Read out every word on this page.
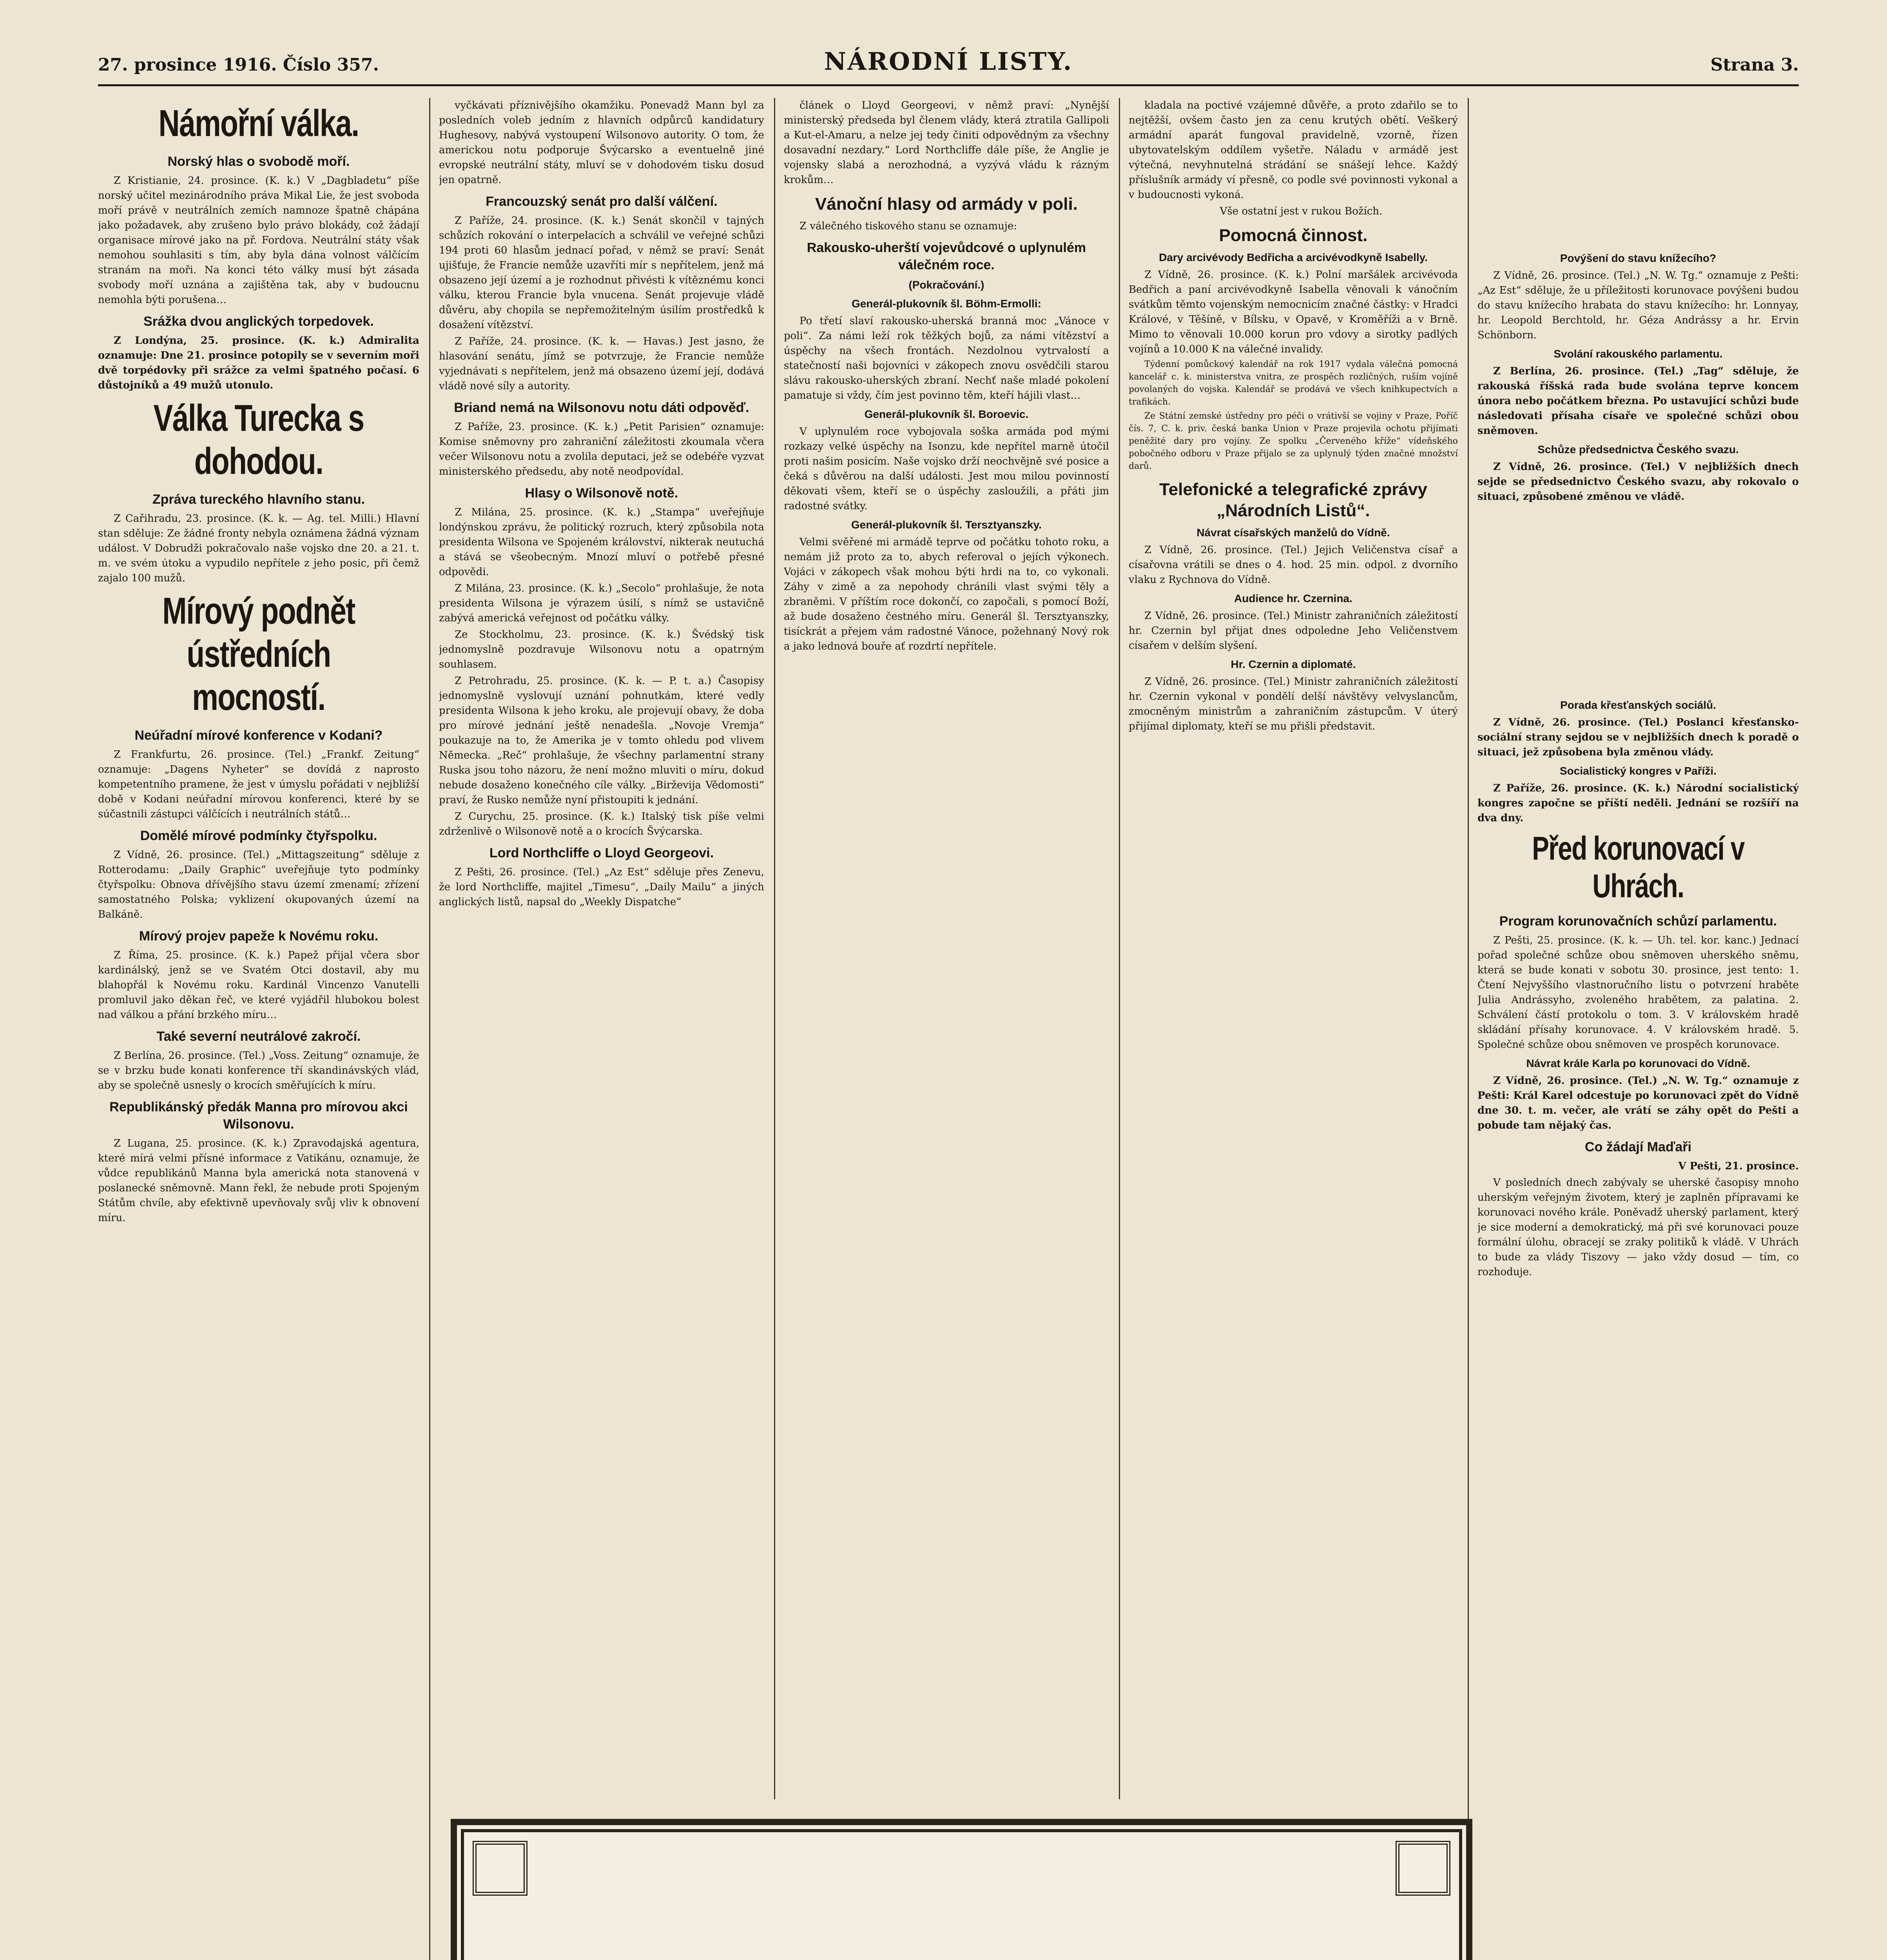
27. prosince 1916. Číslo 357.	NÁRODNÍ LISTY.	Strana 3.
Námořní válka.
Norský hlas o svobodě moří.

Z Kristianie, 24. prosince. (K. k.) V „Dagbladetu“ píše norský učitel mezinárodního práva Mikal Lie, že jest svoboda moří právě v neutrálních zemích namnoze špatně chápána jako požadavek, aby zrušeno bylo právo blokády, což žádají organisace mírové jako na př. Fordova. Neutrální státy však nemohou souhlasiti s tím, aby byla dána volnost válčícím stranám na moři. Na konci této války musí být zásada svobody moří uznána a zajištěna tak, aby v budoucnu nemohla býti porušena…

Srážka dvou anglických torpedovek.

Z Londýna, 25. prosince. (K. k.) Admiralita oznamuje: Dne 21. prosince potopily se v severním moři dvě torpédovky při srážce za velmi špatného počasí. 6 důstojníků a 49 mužů utonulo.

Válka Turecka s dohodou.
Zpráva tureckého hlavního stanu.

Z Cařihradu, 23. prosince. (K. k. — Ag. tel. Milli.) Hlavní stan sděluje: Ze žádné fronty nebyla oznámena žádná význam událost. V Dobrudži pokračovalo naše vojsko dne 20. a 21. t. m. ve svém útoku a vypudilo nepřítele z jeho posic, při čemž zajalo 100 mužů.

Mírový podnět ústředních mocností.
Neúřadní mírové konference v Kodani?

Z Frankfurtu, 26. prosince. (Tel.) „Frankf. Zeitung“ oznamuje: „Dagens Nyheter“ se dovídá z naprosto kompetentního pramene, že jest v úmyslu pořádati v nejbližší době v Kodani neúřadní mírovou konferenci, které by se súčastnili zástupci válčících i neutrálních států…

Domělé mírové podmínky čtyřspolku.

Z Vídně, 26. prosince. (Tel.) „Mittagszeitung“ sděluje z Rotterodamu: „Daily Graphic“ uveřejňuje tyto podmínky čtyřspolku: Obnova dřívějšího stavu území zmenamí; zřízení samostatného Polska; vyklizení okupovaných území na Balkáně.

Mírový projev papeže k Novému roku.

Z Říma, 25. prosince. (K. k.) Papež přijal včera sbor kardinálský, jenž se ve Svatém Otci dostavil, aby mu blahopřál k Novému roku. Kardinál Vincenzo Vanutelli promluvil jako děkan řeč, ve které vyjádřil hlubokou bolest nad válkou a přání brzkého míru…

Také severní neutrálové zakročí.

Z Berlína, 26. prosince. (Tel.) „Voss. Zeitung“ oznamuje, že se v brzku bude konati konference tří skandinávských vlád, aby se společně usnesly o krocích směřujících k míru.

Republikánský předák Manna pro mírovou akci Wilsonovu.

Z Lugana, 25. prosince. (K. k.) Zpravodajská agentura, které mírá velmi přísné informace z Vatikánu, oznamuje, že vůdce republikánů Manna byla americká nota stanovená v poslanecké sněmovně. Mann řekl, že nebude proti Spojeným Státům chvíle, aby efektivně upevňovaly svůj vliv k obnovení míru.

vyčkávati příznivějšího okamžiku. Ponevadž Mann byl za posledních voleb jedním z hlavních odpůrců kandidatury Hughesovy, nabývá vystoupení Wilsonovo autority. O tom, že americkou notu podporuje Švýcarsko a eventuelně jiné evropské neutrální státy, mluví se v dohodovém tisku dosud jen opatrně.

Francouzský senát pro další válčení.

Z Paříže, 24. prosince. (K. k.) Senát skončil v tajných schůzích rokování o interpelacích a schválil ve veřejné schůzi 194 proti 60 hlasům jednací pořad, v němž se praví: Senát ujišťuje, že Francie nemůže uzavříti mír s nepřítelem, jenž má obsazeno její území a je rozhodnut přivésti k vítěznému konci válku, kterou Francie byla vnucena. Senát projevuje vládě důvěru, aby chopila se nepřemožitelným úsilím prostředků k dosažení vítězství.

Z Paříže, 24. prosince. (K. k. — Havas.) Jest jasno, že hlasování senátu, jímž se potvrzuje, že Francie nemůže vyjednávati s nepřítelem, jenž má obsazeno území její, dodává vládě nové síly a autority.

Briand nemá na Wilsonovu notu dáti odpověď.

Z Paříže, 23. prosince. (K. k.) „Petit Parisien“ oznamuje: Komise sněmovny pro zahraniční záležitosti zkoumala včera večer Wilsonovu notu a zvolila deputaci, jež se odebéře vyzvat ministerského předsedu, aby notě neodpovídal.

Hlasy o Wilsonově notě.

Z Milána, 25. prosince. (K. k.) „Stampa“ uveřejňuje londýnskou zprávu, že politický rozruch, který způsobila nota presidenta Wilsona ve Spojeném království, nikterak neutuchá a stává se všeobecným. Mnozí mluví o potřebě přesné odpovědi.

Z Milána, 23. prosince. (K. k.) „Secolo“ prohlašuje, že nota presidenta Wilsona je výrazem úsilí, s nímž se ustavičně zabývá americká veřejnost od počátku války.

Ze Stockholmu, 23. prosince. (K. k.) Švédský tisk jednomyslně pozdravuje Wilsonovu notu a opatrným souhlasem.

Z Petrohradu, 25. prosince. (K. k. — P. t. a.) Časopisy jednomyslně vyslovují uznání pohnutkám, které vedly presidenta Wilsona k jeho kroku, ale projevují obavy, že doba pro mírové jednání ještě nenadešla. „Novoje Vremja“ poukazuje na to, že Amerika je v tomto ohledu pod vlivem Německa. „Reč“ prohlašuje, že všechny parlamentní strany Ruska jsou toho názoru, že není možno mluviti o míru, dokud nebude dosaženo konečného cíle války. „Birževija Vědomosti“ praví, že Rusko nemůže nyní přistoupiti k jednání.

Z Curychu, 25. prosince. (K. k.) Italský tisk píše velmi zdrženlivě o Wilsonově notě a o krocích Švýcarska.

Lord Northcliffe o Lloyd Georgeovi.

Z Pešti, 26. prosince. (Tel.) „Az Est“ sděluje přes Zenevu, že lord Northcliffe, majitel „Timesu“, „Daily Mailu“ a jiných anglických listů, napsal do „Weekly Dispatche“

článek o Lloyd Georgeovi, v němž praví: „Nynější ministerský předseda byl členem vlády, která ztratila Gallipoli a Kut-el-Amaru, a nelze jej tedy činiti odpovědným za všechny dosavadní nezdary.“ Lord Northcliffe dále píše, že Anglie je vojensky slabá a nerozhodná, a vyzývá vládu k rázným krokům…

Vánoční hlasy od armády v poli.

Z válečného tiskového stanu se oznamuje:

Rakousko-uherští vojevůdcové o uplynulém válečném roce.
(Pokračování.)
Generál-plukovník šl. Böhm-Ermolli:

Po třetí slaví rakousko-uherská branná moc „Vánoce v poli“. Za námi leží rok těžkých bojů, za námi vítězství a úspěchy na všech frontách. Nezdolnou vytrvalostí a statečností naši bojovníci v zákopech znovu osvědčili starou slávu rakousko-uherských zbraní. Nechť naše mladé pokolení pamatuje si vždy, čím jest povinno těm, kteří hájili vlast…

Generál-plukovník šl. Boroevic.

V uplynulém roce vybojovala soška armáda pod mými rozkazy velké úspěchy na Isonzu, kde nepřítel marně útočil proti našim posicím. Naše vojsko drží neochvějně své posice a čeká s důvěrou na další události. Jest mou milou povinností děkovati všem, kteří se o úspěchy zasloužili, a přáti jim radostné svátky.

Generál-plukovník šl. Tersztyanszky.

Velmi svěřené mi armádě teprve od počátku tohoto roku, a nemám již proto za to, abych referoval o jejích výkonech. Vojáci v zákopech však mohou býti hrdi na to, co vykonali. Záhy v zimě a za nepohody chránili vlast svými těly a zbraněmi. V příštím roce dokončí, co započali, s pomocí Boží, až bude dosaženo čestného míru. Generál šl. Tersztyanszky, tisíckrát a přejem vám radostné Vánoce, požehnaný Nový rok a jako lednová bouře ať rozdrtí nepřítele.

kladala na poctivé vzájemné důvěře, a proto zdařilo se to nejtěžší, ovšem často jen za cenu krutých obětí. Veškerý armádní aparát fungoval pravidelně, vzorně, řízen ubytovatelským oddílem vyšetře. Náladu v armádě jest výtečná, nevyhnutelná strádání se snášejí lehce. Každý příslušník armády ví přesně, co podle své povinnosti vykonal a v budoucnosti vykoná.

Vše ostatní jest v rukou Božích.

Pomocná činnost.
Dary arcivévody Bedřicha a arcivévodkyně Isabelly.

Z Vídně, 26. prosince. (K. k.) Polní maršálek arcivévoda Bedřich a paní arcivévodkyně Isabella věnovali k vánočním svátkům těmto vojenským nemocnicím značné částky: v Hradci Králové, v Těšíně, v Bílsku, v Opavě, v Kroměříži a v Brně. Mimo to věnovali 10.000 korun pro vdovy a sirotky padlých vojínů a 10.000 K na válečné invalidy.

Týdenní pomůckový kalendář na rok 1917 vydala válečná pomocná kancelář c. k. ministerstva vnitra, ze prospěch rozličných, ruším vojíně povolaných do vojska. Kalendář se prodává ve všech knihkupectvích a trafikách.

Ze Státní zemské ústředny pro péči o vrátivší se vojiny v Praze, Poříč čís. 7, C. k. priv. česká banka Union v Praze projevila ochotu přijímati peněžité dary pro vojíny. Ze spolku „Červeného kříže“ vídeňského pobočného odboru v Praze přijalo se za uplynulý týden značné množství darů.

Telefonické a telegrafické zprávy „Národních Listů“.
Návrat císařských manželů do Vídně.

Z Vídně, 26. prosince. (Tel.) Jejich Veličenstva císař a císařovna vrátili se dnes o 4. hod. 25 min. odpol. z dvorního vlaku z Rychnova do Vídně.

Audience hr. Czernina.

Z Vídně, 26. prosince. (Tel.) Ministr zahraničních záležitostí hr. Czernin byl přijat dnes odpoledne Jeho Veličenstvem císařem v delším slyšení.

Hr. Czernin a diplomaté.

Z Vídně, 26. prosince. (Tel.) Ministr zahraničních záležitostí hr. Czernin vykonal v pondělí delší návštěvy velvyslancům, zmocněným ministrům a zahraničním zástupcům. V úterý přijímal diplomaty, kteří se mu přišli představit.

Povýšení do stavu knížecího?

Z Vídně, 26. prosince. (Tel.) „N. W. Tg.“ oznamuje z Pešti: „Az Est“ sděluje, že u příležitosti korunovace povýšeni budou do stavu knížecího hrabata do stavu knížecího: hr. Lonnyay, hr. Leopold Berchtold, hr. Géza Andrássy a hr. Ervin Schönborn.

Svolání rakouského parlamentu.

Z Berlína, 26. prosince. (Tel.) „Tag“ sděluje, že rakouská říšská rada bude svolána teprve koncem února nebo počátkem března. Po ustavující schůzi bude následovati přísaha císaře ve společné schůzi obou sněmoven.

Schůze předsednictva Českého svazu.

Z Vídně, 26. prosince. (Tel.) V nejbližších dnech sejde se předsednictvo Českého svazu, aby rokovalo o situaci, způsobené změnou ve vládě.

Porada křesťanských sociálů.

Z Vídně, 26. prosince. (Tel.) Poslanci křesťansko-sociální strany sejdou se v nejbližších dnech k poradě o situaci, jež způsobena byla změnou vlády.

Socialistický kongres v Paříži.

Z Paříže, 26. prosince. (K. k.) Národní socialistický kongres započne se příští neděli. Jednání se rozšíří na dva dny.

Před korunovací v Uhrách.
Program korunovačních schůzí parlamentu.

Z Pešti, 25. prosince. (K. k. — Uh. tel. kor. kanc.) Jednací pořad společné schůze obou sněmoven uherského sněmu, která se bude konati v sobotu 30. prosince, jest tento: 1. Čtení Nejvyššího vlastnoručního listu o potvrzení hraběte Julia Andrássyho, zvoleného hrabětem, za palatina. 2. Schválení částí protokolu o tom. 3. V královském hradě skládání přísahy korunovace. 4. V královském hradě. 5. Společné schůze obou sněmoven ve prospěch korunovace.

Návrat krále Karla po korunovaci do Vídně.

Z Vídně, 26. prosince. (Tel.) „N. W. Tg.“ oznamuje z Pešti: Král Karel odcestuje po korunovaci zpět do Vídně dne 30. t. m. večer, ale vrátí se záhy opět do Pešti a pobude tam nějaký čas.

Co žádají Maďaři

V Pešti, 21. prosince.

V posledních dnech zabývaly se uherské časopisy mnoho uherským veřejným životem, který je zaplněn přípravami ke korunovaci nového krále. Poněvadž uherský parlament, který je sice moderní a demokratický, má při své korunovaci pouze formální úlohu, obracejí se zraky politiků k vládě. V Uhrách to bude za vlády Tiszovy — jako vždy dosud — tím, co rozhoduje.
